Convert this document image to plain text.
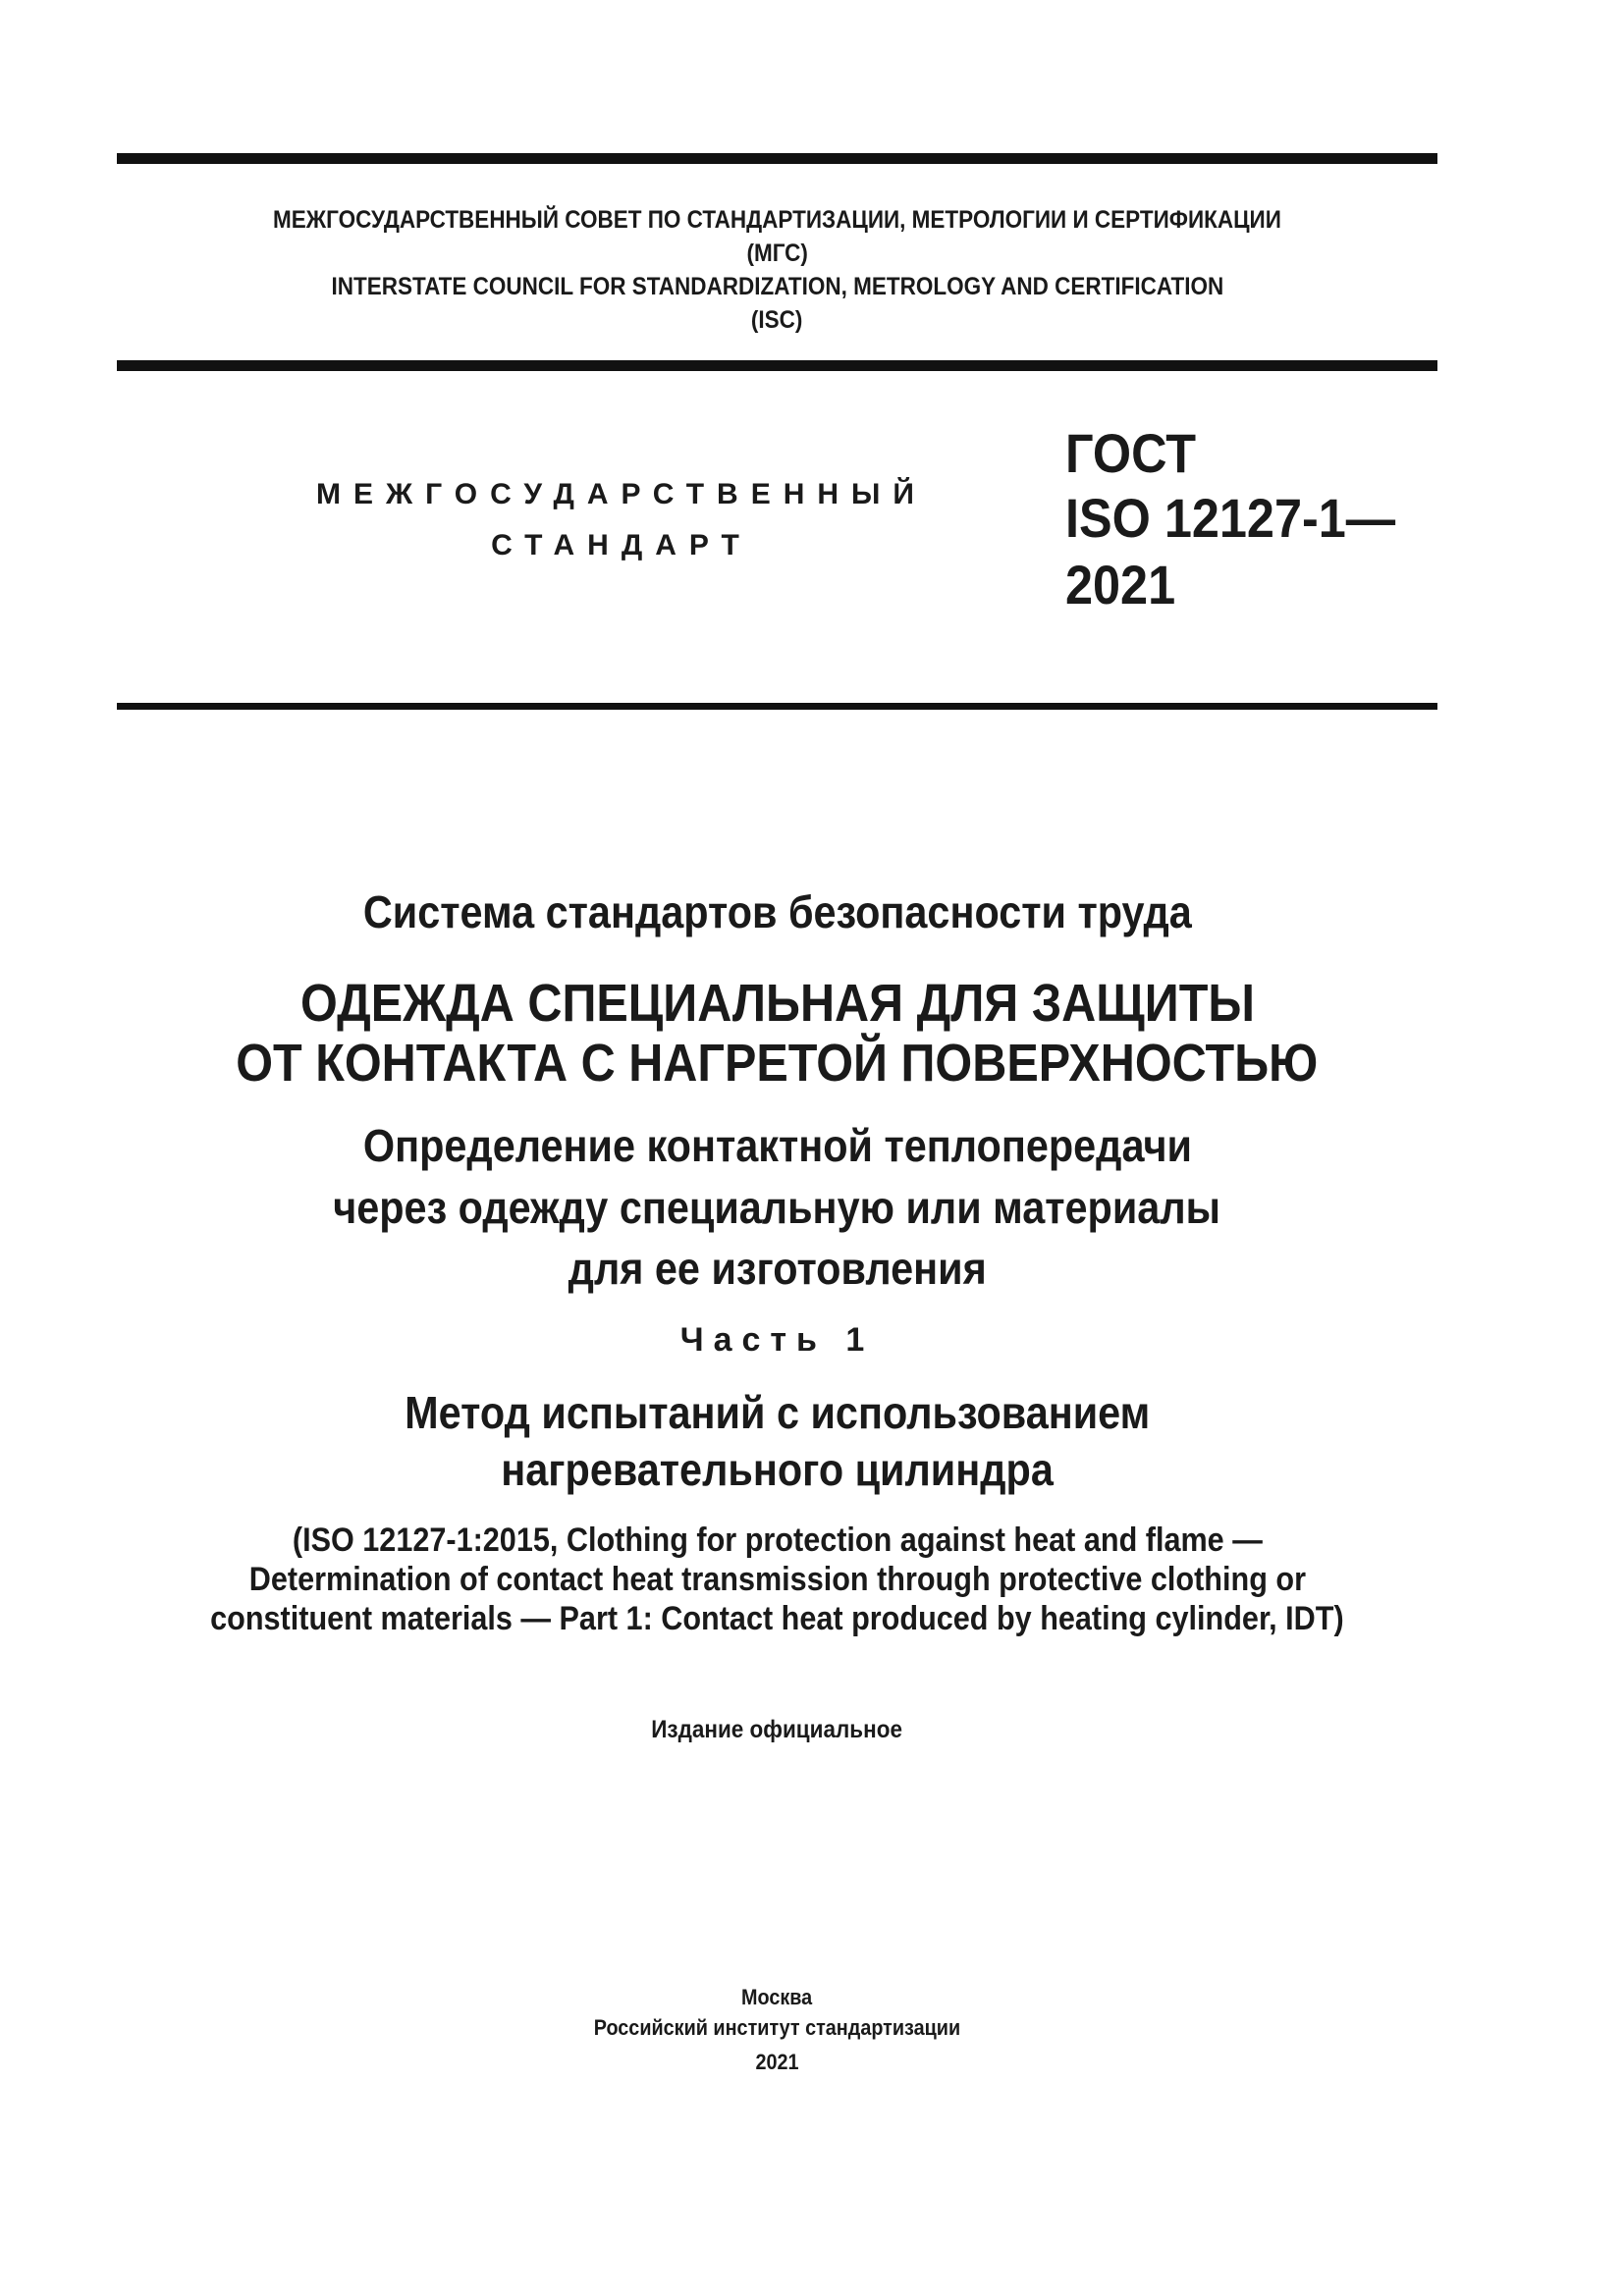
МЕЖГОСУДАРСТВЕННЫЙ СОВЕТ ПО СТАНДАРТИЗАЦИИ, МЕТРОЛОГИИ И СЕРТИФИКАЦИИ
(МГС)
INTERSTATE COUNCIL FOR STANDARDIZATION, METROLOGY AND CERTIFICATION
(ISC)
МЕЖГОСУДАРСТВЕННЫЙ
СТАНДАРТ
ГОСТ
ISO 12127-1—
2021
Система стандартов безопасности труда
ОДЕЖДА СПЕЦИАЛЬНАЯ ДЛЯ ЗАЩИТЫ
ОТ КОНТАКТА С НАГРЕТОЙ ПОВЕРХНОСТЬЮ
Определение контактной теплопередачи
через одежду специальную или материалы
для ее изготовления
Часть 1
Метод испытаний с использованием
нагревательного цилиндра
(ISO 12127-1:2015, Clothing for protection against heat and flame —
Determination of contact heat transmission through protective clothing or
constituent materials — Part 1: Contact heat produced by heating cylinder, IDT)
Издание официальное
Москва
Российский институт стандартизации
2021
